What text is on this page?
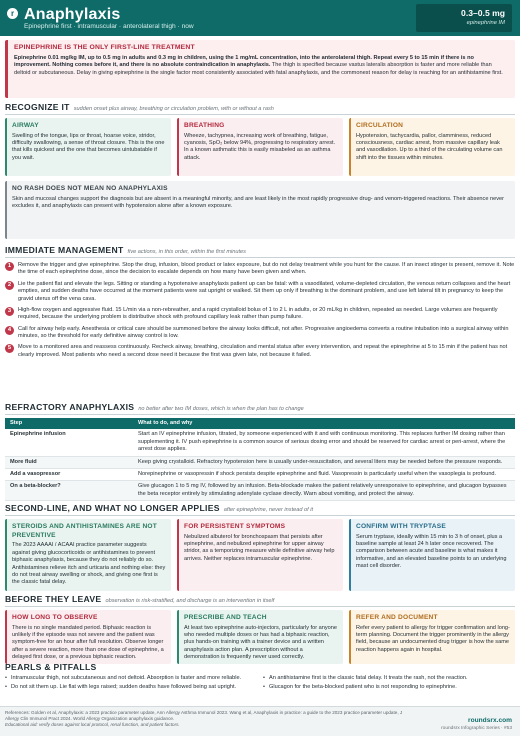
r Anaphylaxis
Epinephrine first · intramuscular · anterolateral thigh · now
0.3–0.5 mg
epinephrine IM
EPINEPHRINE IS THE ONLY FIRST-LINE TREATMENT
Epinephrine 0.01 mg/kg IM, up to 0.5 mg in adults and 0.3 mg in children, using the 1 mg/mL concentration, into the anterolateral thigh. Repeat every 5 to 15 min if there is no improvement. Nothing comes before it, and there is no absolute contraindication in anaphylaxis. The thigh is specified because vastus lateralis absorption is faster and more reliable than deltoid or subcutaneous. Delay in giving epinephrine is the single factor most consistently associated with fatal anaphylaxis, and the commonest reason for delay is reaching for an antihistamine first.
RECOGNIZE IT sudden onset plus airway, breathing or circulation problem, with or without a rash
AIRWAY
Swelling of the tongue, lips or throat, hoarse voice, stridor, difficulty swallowing, a sense of throat closure. This is the one that kills quickest and the one that becomes uintubatable if you wait.
BREATHING
Wheeze, tachypnea, increasing work of breathing, fatigue, cyanosis, SpO₂ below 94%, progressing to respiratory arrest. In a known asthmatic this is easily misabeled as an asthma attack.
CIRCULATION
Hypotension, tachycardia, pallor, clamminess, reduced consciousness, cardiac arrest, from massive capillary leak and vasodilation. Up to a third of the circulating volume can shift into the tissues within minutes.
NO RASH DOES NOT MEAN NO ANAPHYLAXIS
Skin and mucosal changes support the diagnosis but are absent in a meaningful minority, and are least likely in the most rapidly progressive drug- and venom-triggered reactions. Their absence never excludes it, and anaphylaxis can present with hypotension alone after a known exposure.
IMMEDIATE MANAGEMENT five actions, in this order, within the first minutes
1	Remove the trigger and give epinephrine. Stop the drug, infusion, blood product or latex exposure, but do not delay treatment while you hunt for the cause. If an insect stinger is present, remove it. Note the time of each epinephrine dose, since the decision to escalate depends on how many have been given and when.
2	Lie the patient flat and elevate the legs. Sitting or standing a hypotensive anaphylaxis patient up can be fatal: with a vasodilated, volume-depleted circulation, the venous return collapses and the heart empties, and sudden deaths have occurred at the moment patients were sat upright or walked. Sit them up only if breathing is the dominant problem, and use left lateral tilt in pregnancy to keep the gravid uterus off the vena cava.
3	High-flow oxygen and aggressive fluid. 15 L/min via a non-rebreather, and a rapid crystalloid bolus of 1 to 2 L in adults, or 20 mL/kg in children, repeated as needed. Large volumes are frequently required, because the underlying problem is distributive shock with profound capillary leak rather than pump failure.
4	Call for airway help early. Anesthesia or critical care should be summoned before the airway looks difficult, not after. Progressive angioedema converts a routine intubation into a surgical airway within minutes, so the threshold for early definitive airway control is low.
5	Move to a monitored area and reassess continuously. Recheck airway, breathing, circulation and mental status after every intervention, and repeat the epinephrine at 5 to 15 min if the patient has not clearly improved. Most patients who need a second dose need it because the first was given late, not because it failed.
REFRACTORY ANAPHYLAXIS no better after two IM doses, which is when the plan has to change
Step	What to do, and why
Epinephrine infusion	Start an IV epinephrine infusion, titrated, by someone experienced with it and with continuous monitoring. This replaces further IM dosing rather than supplementing it. IV push epinephrine is a common source of serious dosing error and should be reserved for cardiac arrest or peri-arrest, where the arrest dose applies.
More fluid	Keep giving crystalloid. Refractory hypotension here is usually under-resuscitation, and several liters may be needed before the pressure responds.
Add a vasopressor	Norepinephrine or vasopressin if shock persists despite epinephrine and fluid. Vasopressin is particularly useful when the vasoplegia is profound.
On a beta-blocker?	Give glucagon 1 to 5 mg IV, followed by an infusion. Beta-blockade makes the patient relatively unresponsive to epinephrine, and glucagon bypasses the beta receptor entirely by stimulating adenylate cyclase directly. Warn about vomiting, and protect the airway.
SECOND-LINE, AND WHAT NO LONGER APPLIES after epinephrine, never instead of it
STEROIDS AND ANTIHISTAMINES ARE NOT PREVENTIVE
The 2023 AAAAI / ACAAI practice parameter suggests against giving glucocorticoids or antihistamines to prevent biphasic anaphylaxis, because they do not reliably do so. Antihistamines relieve itch and urticaria and nothing else: they do not treat airway swelling or shock, and giving one first is the classic fatal delay.
FOR PERSISTENT SYMPTOMS
Nebulized albuterol for bronchospasm that persists after epinephrine, and nebulized epinephrine for upper airway stridor, as a temporizing measure while definitive airway help arrives. Neither replaces intramuscular epinephrine.
CONFIRM WITH TRYPTASE
Serum tryptase, ideally within 15 min to 3 h of onset, plus a baseline sample at least 24 h later once recovered. The comparison between acute and baseline is what makes it informative, and an elevated baseline points to an underlying mast cell disorder.
BEFORE THEY LEAVE observation is risk-stratified, and discharge is an intervention in itself
HOW LONG TO OBSERVE
There is no single mandated period. Biphasic reaction is unlikely if the episode was not severe and the patient was symptom-free for an hour after full resolution. Observe longer after a severe reaction, more than one dose of epinephrine, a delayed first dose, or a previous biphasic reaction.
PRESCRIBE AND TEACH
At least two epinephrine auto-injectors, particularly for anyone who needed multiple doses or has had a biphasic reaction, plus hands-on training with a trainer device and a written anaphylaxis action plan. A prescription without a demonstration is frequently never used correctly.
REFER AND DOCUMENT
Refer every patient to allergy for trigger confirmation and long-term planning. Document the trigger prominently in the allergy field, because an undocumented drug trigger is how the same reaction happens again in hospital.
PEARLS & PITFALLS
• Intramuscular thigh, not subcutaneous and not deltoid. Absorption is faster and more reliable.
• Do not sit them up. Lie flat with legs raised; sudden deaths have followed being sat upright.
• An antihistamine first is the classic fatal delay. It treats the rash, not the reaction.
• Glucagon for the beta-blocked patient who is not responding to epinephrine.
References: Golden et al, Anaphylaxis: a 2023 practice parameter update, Ann Allergy Asthma Immunol 2023. Wang et al, Anaphylaxis in practice: a guide to the 2023 practice parameter update, J Allergy Clin Immunol Pract 2024. World Allergy Organization anaphylaxis guidance.
Educational aid: verify doses against local protocol, renal function, and patient factors.
roundsrx.com
roundsrx Infographic Series · #53
